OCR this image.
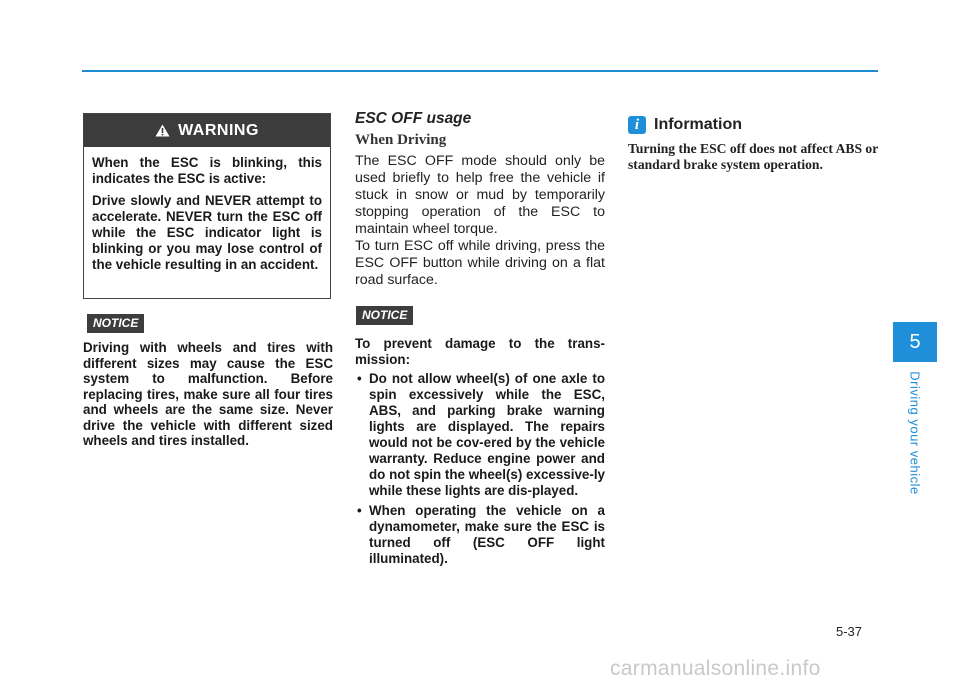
WARNING

When the ESC is blinking, this indicates the ESC is active:

Drive slowly and NEVER attempt to accelerate. NEVER turn the ESC off while the ESC indicator light is blinking or you may lose control of the vehicle resulting in an accident.

NOTICE

Driving with wheels and tires with different sizes may cause the ESC system to malfunction. Before replacing tires, make sure all four tires and wheels are the same size. Never drive the vehicle with different sized wheels and tires installed.

ESC OFF usage
When Driving

The ESC OFF mode should only be used briefly to help free the vehicle if stuck in snow or mud by temporarily stopping operation of the ESC to maintain wheel torque.

To turn ESC off while driving, press the ESC OFF button while driving on a flat road surface.

NOTICE
To prevent damage to the trans-mission:
• Do not allow wheel(s) of one axle to spin excessively while the ESC, ABS, and parking brake warning lights are displayed. The repairs would not be cov-ered by the vehicle warranty. Reduce engine power and do not spin the wheel(s) excessive-ly while these lights are dis-played.
• When operating the vehicle on a dynamometer, make sure the ESC is turned off (ESC OFF light illuminated).
i Information

Turning the ESC off does not affect ABS or standard brake system operation.

5
Driving your vehicle
5-37
carmanualsonline.info
